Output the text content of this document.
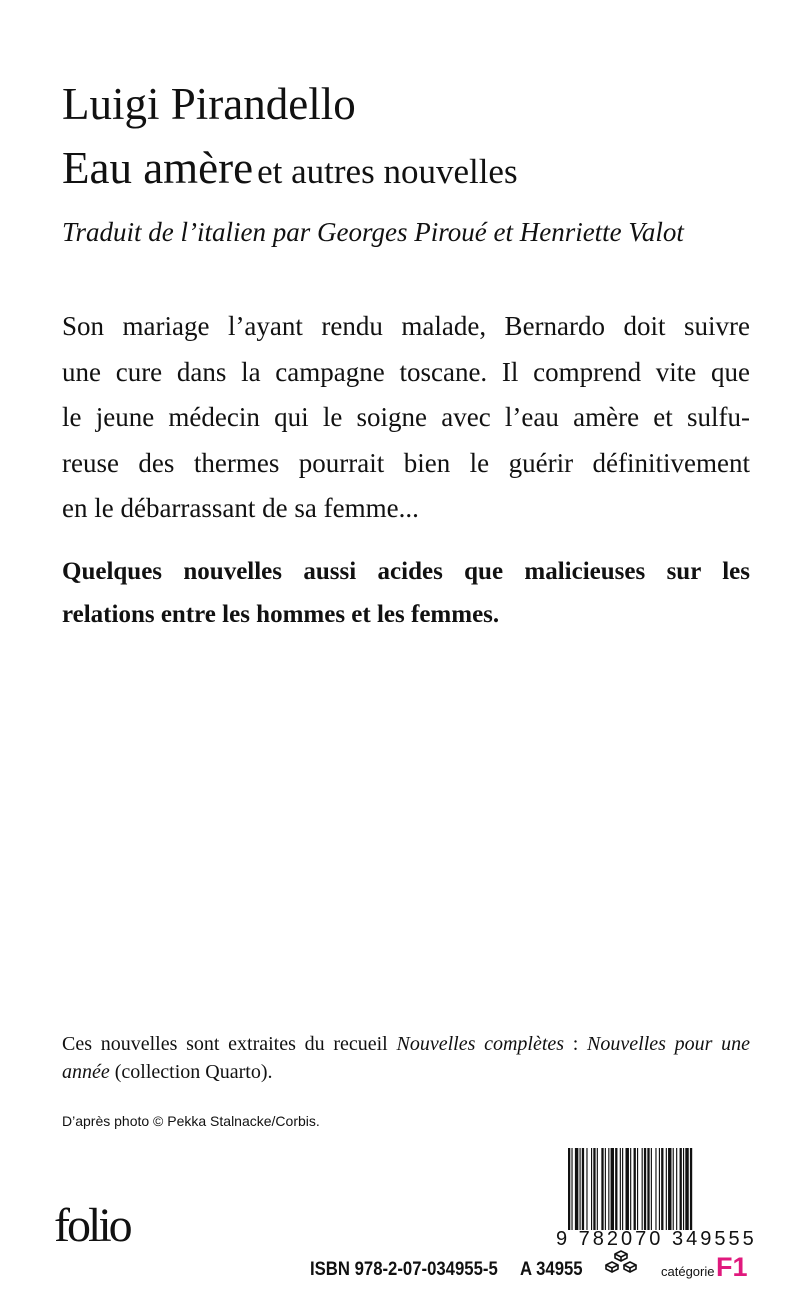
Luigi Pirandello
Eau amère et autres nouvelles
Traduit de l’italien par Georges Piroué et Henriette Valot
Son mariage l’ayant rendu malade, Bernardo doit suivre
une cure dans la campagne toscane. Il comprend vite que
le jeune médecin qui le soigne avec l’eau amère et sulfu-
reuse des thermes pourrait bien le guérir définitivement
en le débarrassant de sa femme...
Quelques nouvelles aussi acides que malicieuses sur les
relations entre les hommes et les femmes.
Ces nouvelles sont extraites du recueil Nouvelles complètes : Nouvelles pour une
année (collection Quarto).
D’après photo © Pekka Stalnacke/Corbis.
folio	9 782070 349555
ISBN 978-2-07-034955-5 A 34955	catégorie F1
